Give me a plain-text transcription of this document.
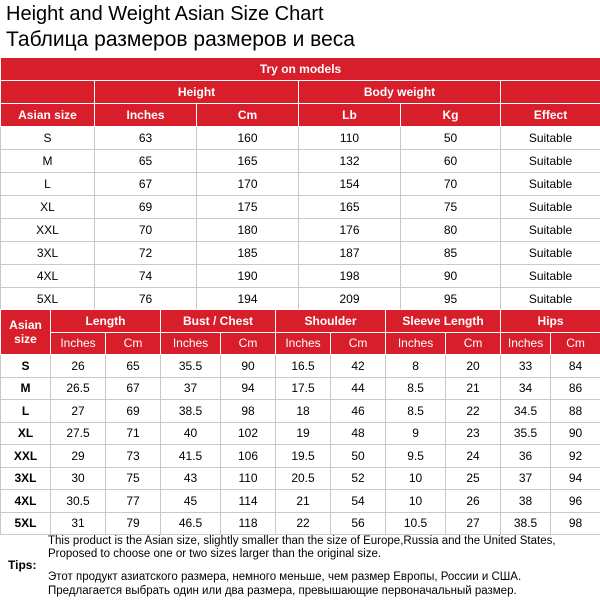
Height and Weight Asian Size Chart
Таблица размеров размеров и веса
Try on models					
	Height		Body weight		
Asian size	Inches	Cm	Lb	Kg	Effect
S	63	160	110	50	Suitable
M	65	165	132	60	Suitable
L	67	170	154	70	Suitable
XL	69	175	165	75	Suitable
XXL	70	180	176	80	Suitable
3XL	72	185	187	85	Suitable
4XL	74	190	198	90	Suitable
5XL	76	194	209	95	Suitable
Asian size	Length		Bust / Chest		Shoulder		Sleeve Length		Hips	
	Inches	Cm	Inches	Cm	Inches	Cm	Inches	Cm	Inches	Cm
S	26	65	35.5	90	16.5	42	8	20	33	84
M	26.5	67	37	94	17.5	44	8.5	21	34	86
L	27	69	38.5	98	18	46	8.5	22	34.5	88
XL	27.5	71	40	102	19	48	9	23	35.5	90
XXL	29	73	41.5	106	19.5	50	9.5	24	36	92
3XL	30	75	43	110	20.5	52	10	25	37	94
4XL	30.5	77	45	114	21	54	10	26	38	96
5XL	31	79	46.5	118	22	56	10.5	27	38.5	98
Tips:
This product is the Asian size, slightly smaller than the size of Europe,Russia and the United States,
Proposed to choose one or two sizes larger than the original size.
Этот продукт азиатского размера, немного меньше, чем размер Европы, России и США.
Предлагается выбрать один или два размера, превышающие первоначальный размер.
